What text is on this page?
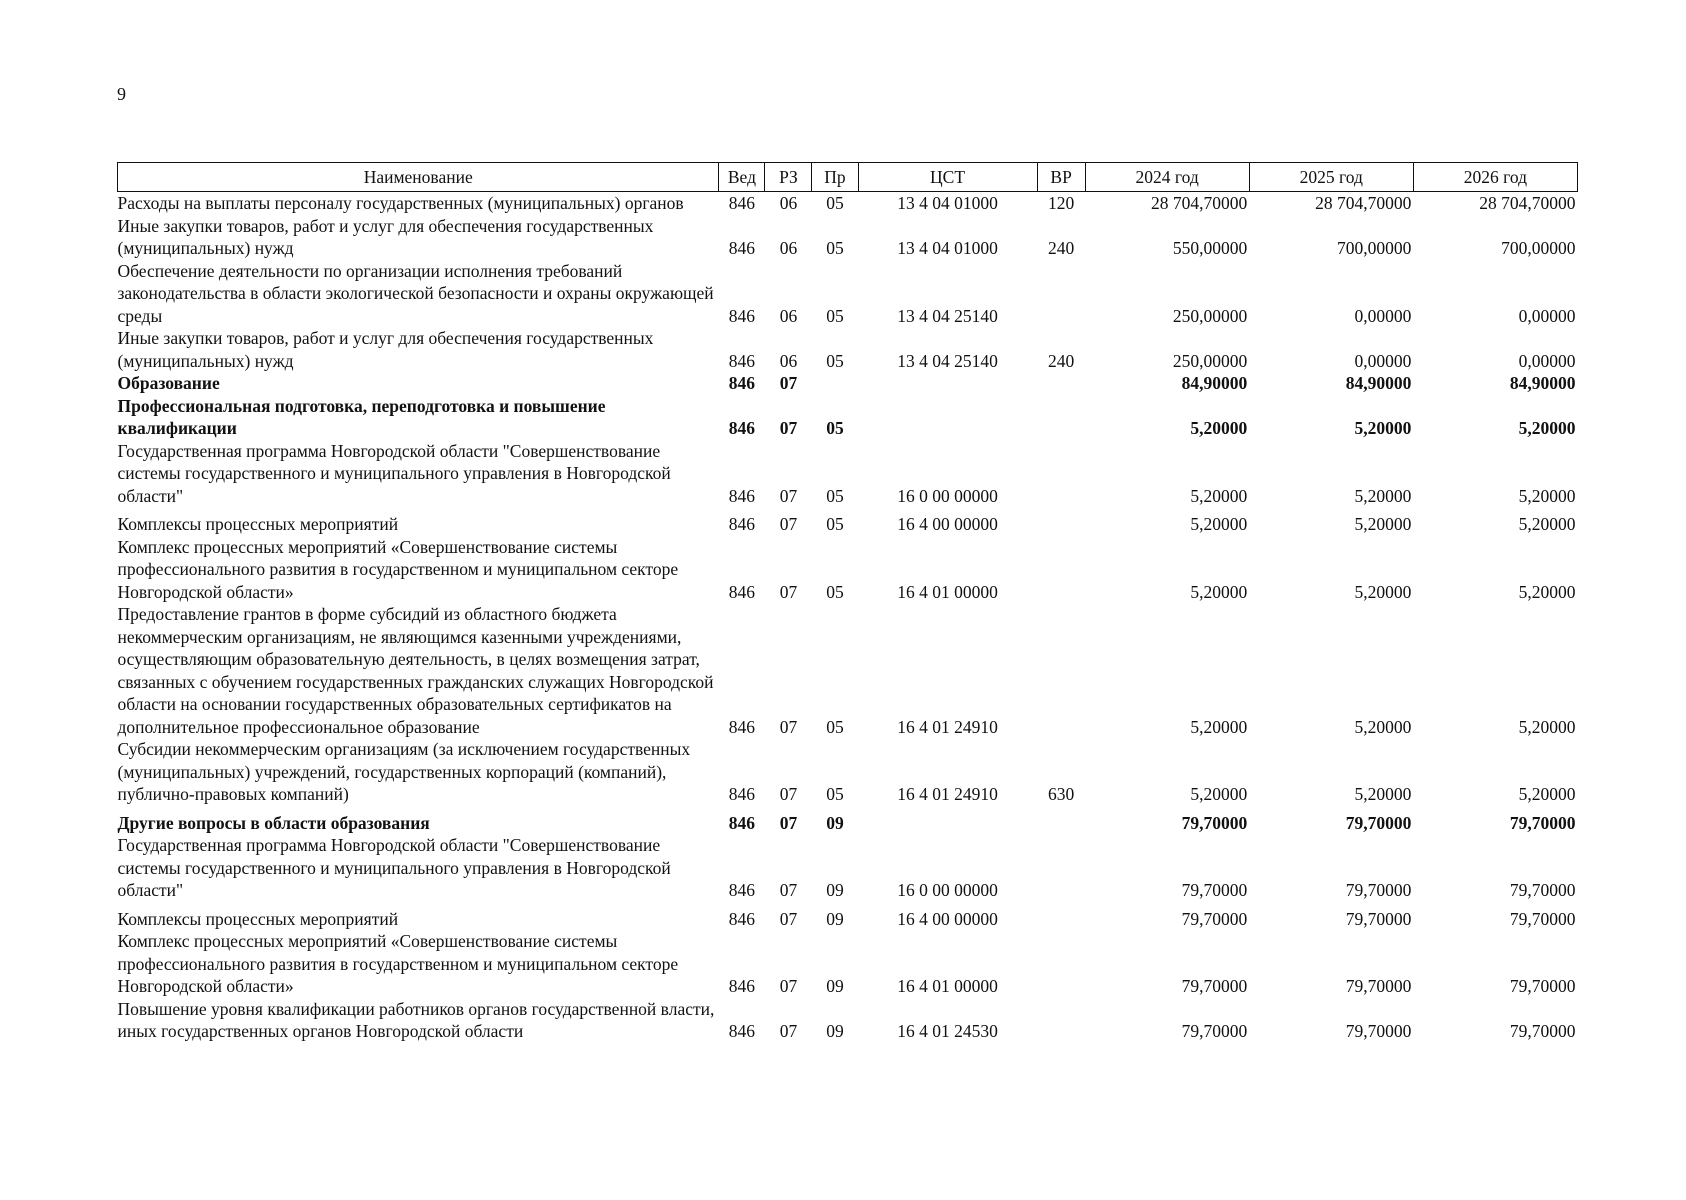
9
Наименование	Вед	РЗ	Пр	ЦСТ	ВР	2024 год	2025 год	2026 год
Расходы на выплаты персоналу государственных (муниципальных) органов	846	06	05	13 4 04 01000	120	28 704,70000	28 704,70000	28 704,70000
Иные закупки товаров, работ и услуг для обеспечения государственных (муниципальных) нужд	846	06	05	13 4 04 01000	240	550,00000	700,00000	700,00000
Обеспечение деятельности по организации исполнения требований законодательства в области экологической безопасности и охраны окружающей среды	846	06	05	13 4 04 25140		250,00000	0,00000	0,00000
Иные закупки товаров, работ и услуг для обеспечения государственных (муниципальных) нужд	846	06	05	13 4 04 25140	240	250,00000	0,00000	0,00000
Образование	846	07				84,90000	84,90000	84,90000
Профессиональная подготовка, переподготовка и повышение квалификации	846	07	05			5,20000	5,20000	5,20000
Государственная программа Новгородской области "Совершенствование системы государственного и муниципального управления в Новгородской области"	846	07	05	16 0 00 00000		5,20000	5,20000	5,20000
Комплексы процессных мероприятий	846	07	05	16 4 00 00000		5,20000	5,20000	5,20000
Комплекс процессных мероприятий «Совершенствование системы профессионального развития в государственном и муниципальном секторе Новгородской области»	846	07	05	16 4 01 00000		5,20000	5,20000	5,20000
Предоставление грантов в форме субсидий из областного бюджета некоммерческим организациям, не являющимся казенными учреждениями, осуществляющим образовательную деятельность, в целях возмещения затрат, связанных с обучением государственных гражданских служащих Новгородской области на основании государственных образовательных сертификатов на дополнительное профессиональное образование	846	07	05	16 4 01 24910		5,20000	5,20000	5,20000
Субсидии некоммерческим организациям (за исключением государственных (муниципальных) учреждений, государственных корпораций (компаний), публично-правовых компаний)	846	07	05	16 4 01 24910	630	5,20000	5,20000	5,20000
Другие вопросы в области образования	846	07	09			79,70000	79,70000	79,70000
Государственная программа Новгородской области "Совершенствование системы государственного и муниципального управления в Новгородской области"	846	07	09	16 0 00 00000		79,70000	79,70000	79,70000
Комплексы процессных мероприятий	846	07	09	16 4 00 00000		79,70000	79,70000	79,70000
Комплекс процессных мероприятий «Совершенствование системы профессионального развития в государственном и муниципальном секторе Новгородской области»	846	07	09	16 4 01 00000		79,70000	79,70000	79,70000
Повышение уровня квалификации работников органов государственной власти, иных государственных органов Новгородской области	846	07	09	16 4 01 24530		79,70000	79,70000	79,70000
